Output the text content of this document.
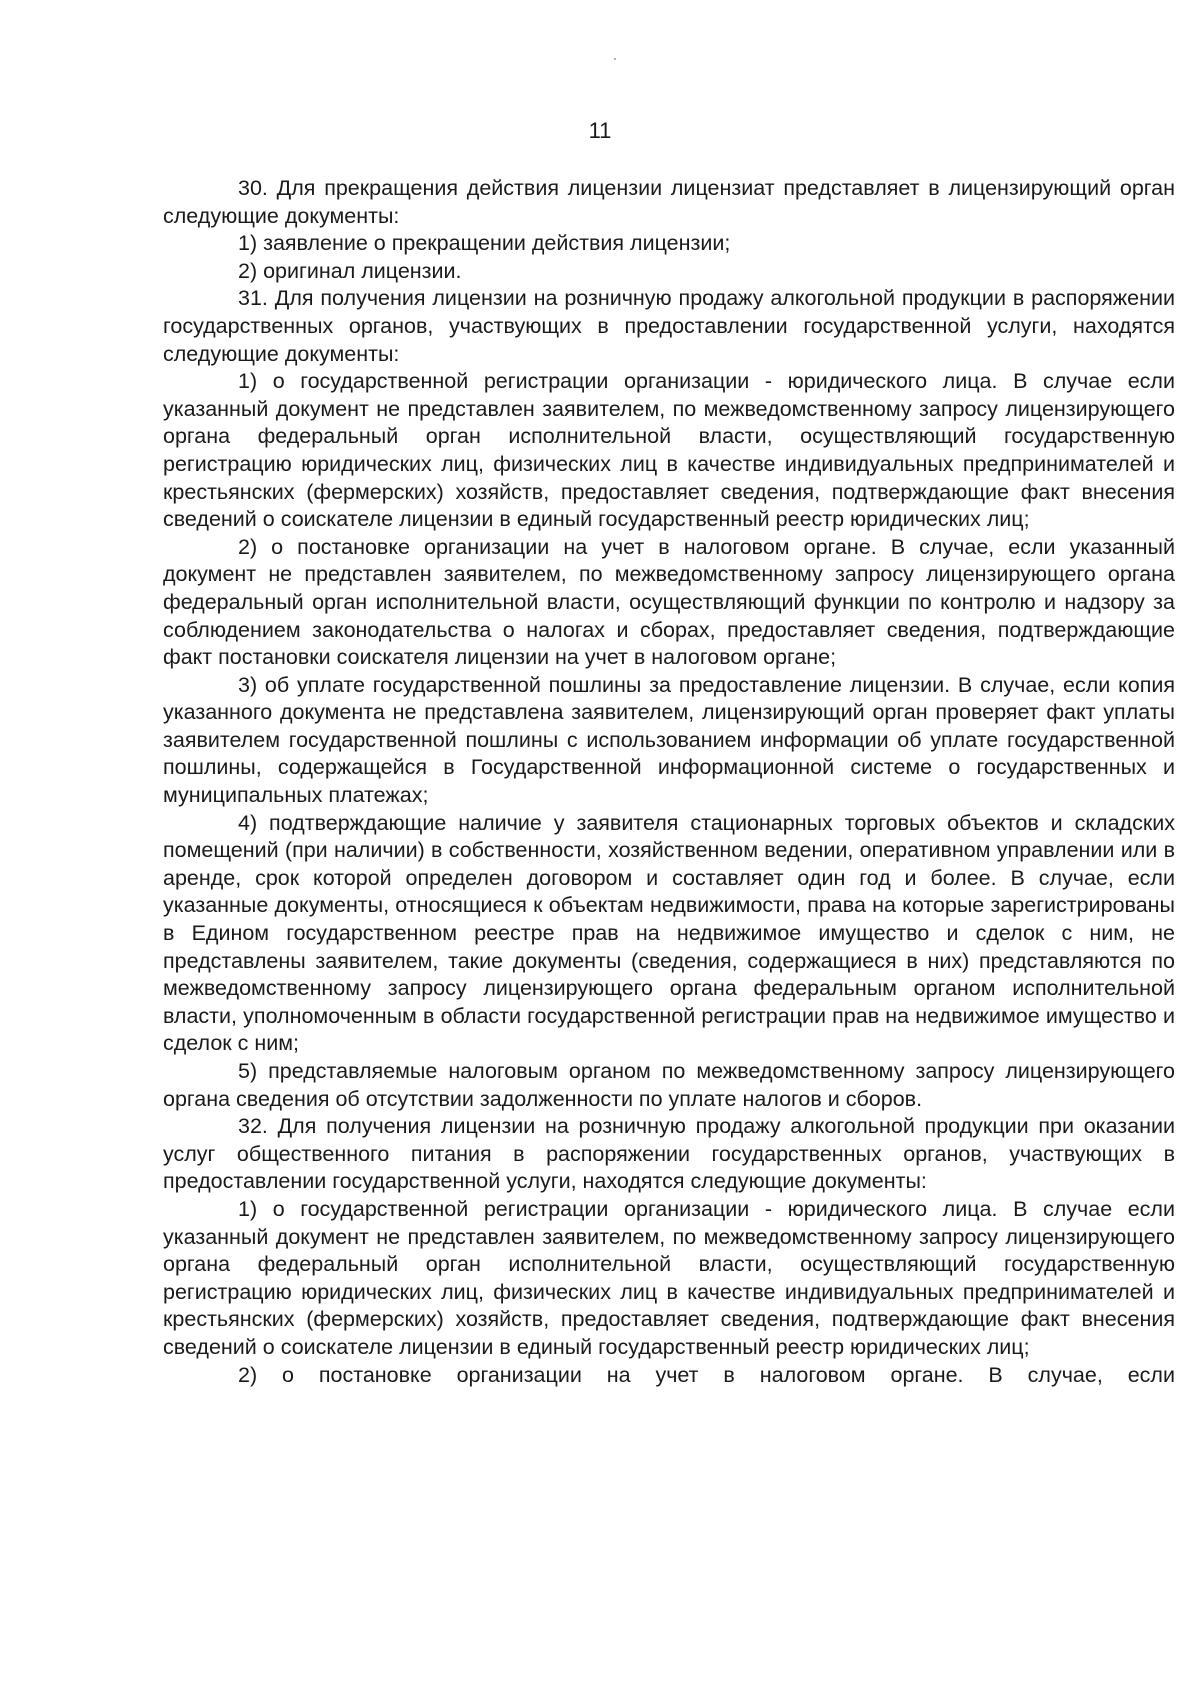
11

30. Для прекращения действия лицензии лицензиат представляет в лицензирующий орган следующие документы:

1) заявление о прекращении действия лицензии;

2) оригинал лицензии.

31. Для получения лицензии на розничную продажу алкогольной продукции в распоряжении государственных органов, участвующих в предоставлении государственной услуги, находятся следующие документы:

1) о государственной регистрации организации - юридического лица. В случае если указанный документ не представлен заявителем, по межведомственному запросу лицензирующего органа федеральный орган исполнительной власти, осуществляющий государственную регистрацию юридических лиц, физических лиц в качестве индивидуальных предпринимателей и крестьянских (фермерских) хозяйств, предоставляет сведения, подтверждающие факт внесения сведений о соискателе лицензии в единый государственный реестр юридических лиц;

2) о постановке организации на учет в налоговом органе. В случае, если указанный документ не представлен заявителем, по межведомственному запросу лицензирующего органа федеральный орган исполнительной власти, осуществляющий функции по контролю и надзору за соблюдением законодательства о налогах и сборах, предоставляет сведения, подтверждающие факт постановки соискателя лицензии на учет в налоговом органе;

3) об уплате государственной пошлины за предоставление лицензии. В случае, если копия указанного документа не представлена заявителем, лицензирующий орган проверяет факт уплаты заявителем государственной пошлины с использованием информации об уплате государственной пошлины, содержащейся в Государственной информационной системе о государственных и муниципальных платежах;

4) подтверждающие наличие у заявителя стационарных торговых объектов и складских помещений (при наличии) в собственности, хозяйственном ведении, оперативном управлении или в аренде, срок которой определен договором и составляет один год и более. В случае, если указанные документы, относящиеся к объектам недвижимости, права на которые зарегистрированы в Едином государственном реестре прав на недвижимое имущество и сделок с ним, не представлены заявителем, такие документы (сведения, содержащиеся в них) представляются по межведомственному запросу лицензирующего органа федеральным органом исполнительной власти, уполномоченным в области государственной регистрации прав на недвижимое имущество и сделок с ним;

5) представляемые налоговым органом по межведомственному запросу лицензирующего органа сведения об отсутствии задолженности по уплате налогов и сборов.

32. Для получения лицензии на розничную продажу алкогольной продукции при оказании услуг общественного питания в распоряжении государственных органов, участвующих в предоставлении государственной услуги, находятся следующие документы:

1) о государственной регистрации организации - юридического лица. В случае если указанный документ не представлен заявителем, по межведомственному запросу лицензирующего органа федеральный орган исполнительной власти, осуществляющий государственную регистрацию юридических лиц, физических лиц в качестве индивидуальных предпринимателей и крестьянских (фермерских) хозяйств, предоставляет сведения, подтверждающие факт внесения сведений о соискателе лицензии в единый государственный реестр юридических лиц;

2) о постановке организации на учет в налоговом органе. В случае, если
